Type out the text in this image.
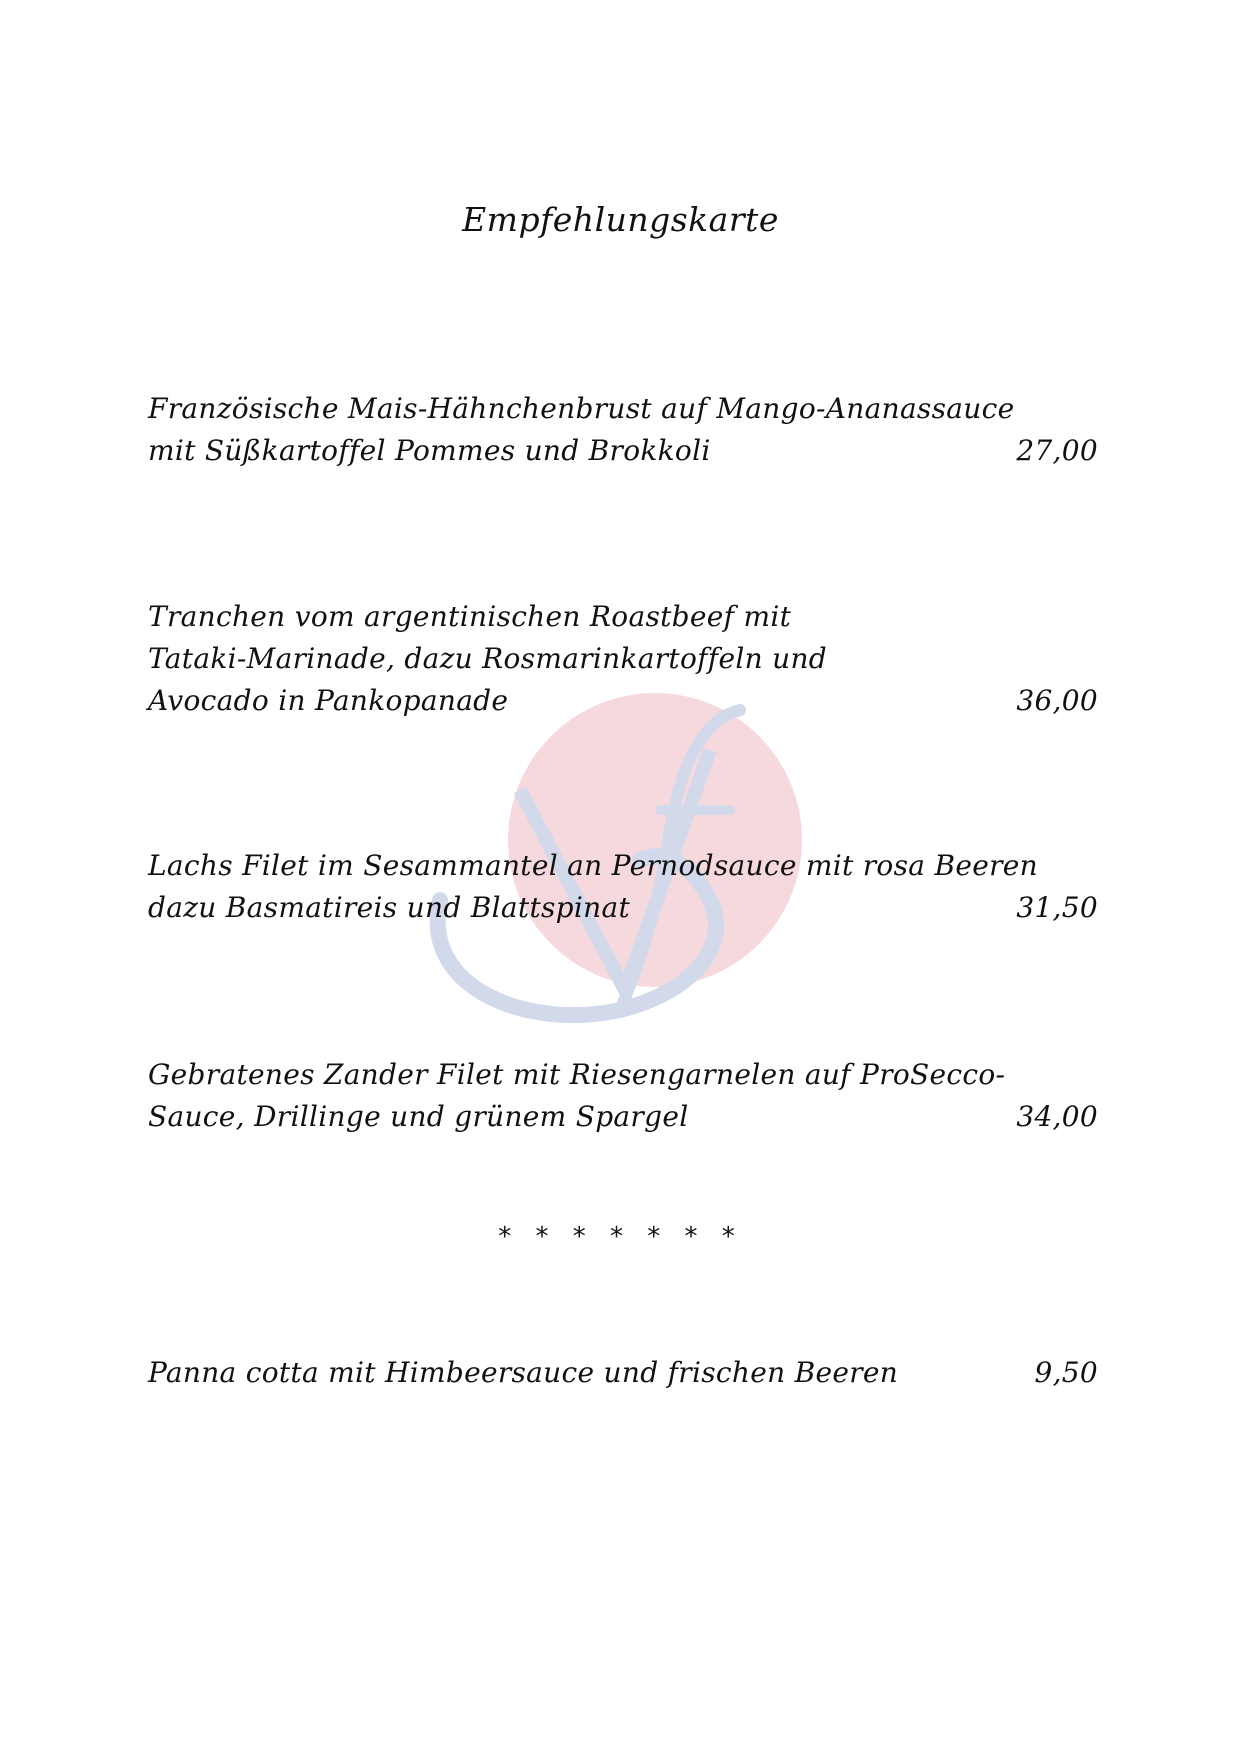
Empfehlungskarte
Französische Mais-Hähnchenbrust auf Mango-Ananassauce
mit Süßkartoffel Pommes und Brokkoli	27,00
Tranchen vom argentinischen Roastbeef mit
Tataki-Marinade, dazu Rosmarinkartoffeln und
Avocado in Pankopanade	36,00
Lachs Filet im Sesammantel an Pernodsauce mit rosa Beeren
dazu Basmatireis und Blattspinat	31,50
Gebratenes Zander Filet mit Riesengarnelen auf ProSecco-
Sauce, Drillinge und grünem Spargel	34,00
* * * * * * *
Panna cotta mit Himbeersauce und frischen Beeren	9,50
